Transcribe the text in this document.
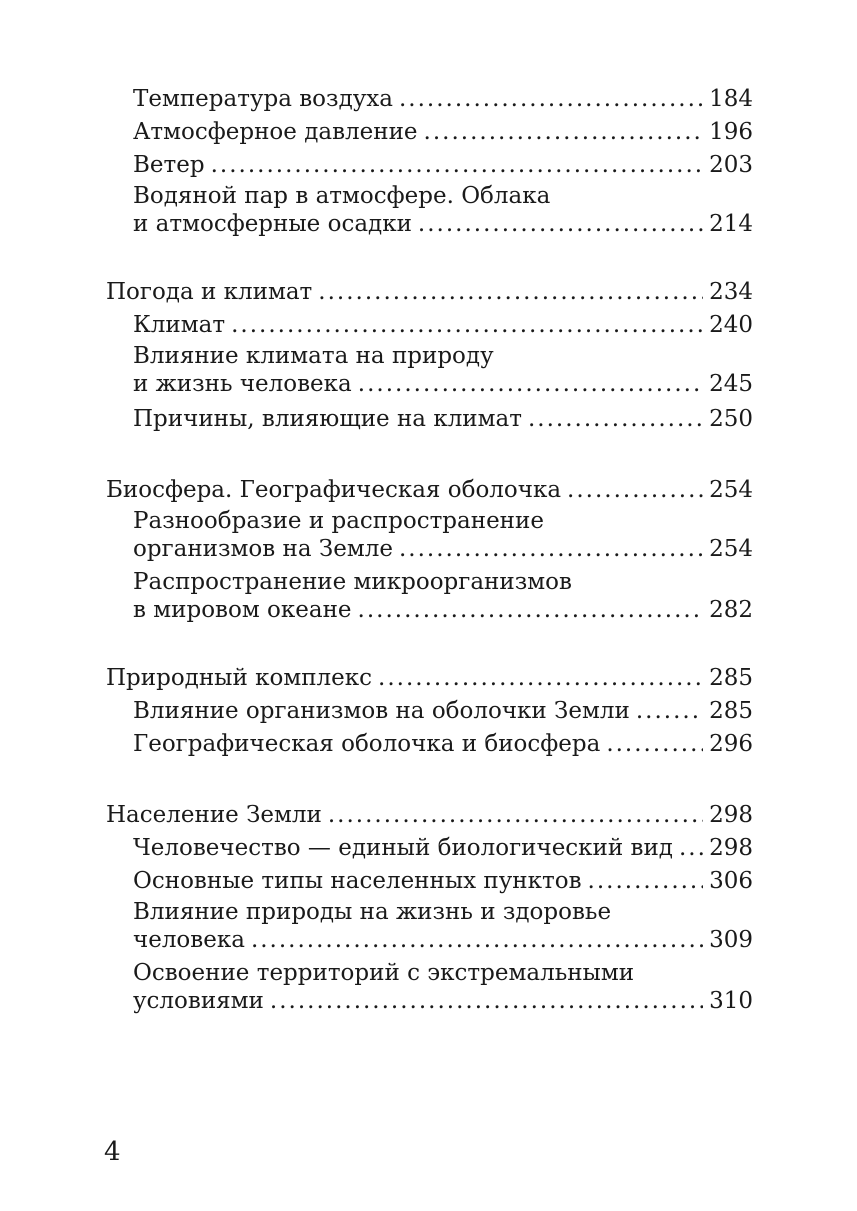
Температура воздуха .....	184
Атмосферное давление .....	196
Ветер .....	203
Водяной пар в атмосфере. Облака
и атмосферные осадки .....	214
Погода и климат .....	234
Климат .....	240
Влияние климата на природу
и жизнь человека .....	245
Причины, влияющие на климат .....	250
Биосфера. Географическая оболочка .....	254
Разнообразие и распространение
организмов на Земле .....	254
Распространение микроорганизмов
в мировом океане .....	282
Природный комплекс .....	285
Влияние организмов на оболочки Земли .....	285
Географическая оболочка и биосфера .....	296
Население Земли .....	298
Человечество — единый биологический вид ..... 298
Основные типы населенных пунктов .....	306
Влияние природы на жизнь и здоровье
человека .....	309
Освоение территорий с экстремальными
условиями .....	310
4
